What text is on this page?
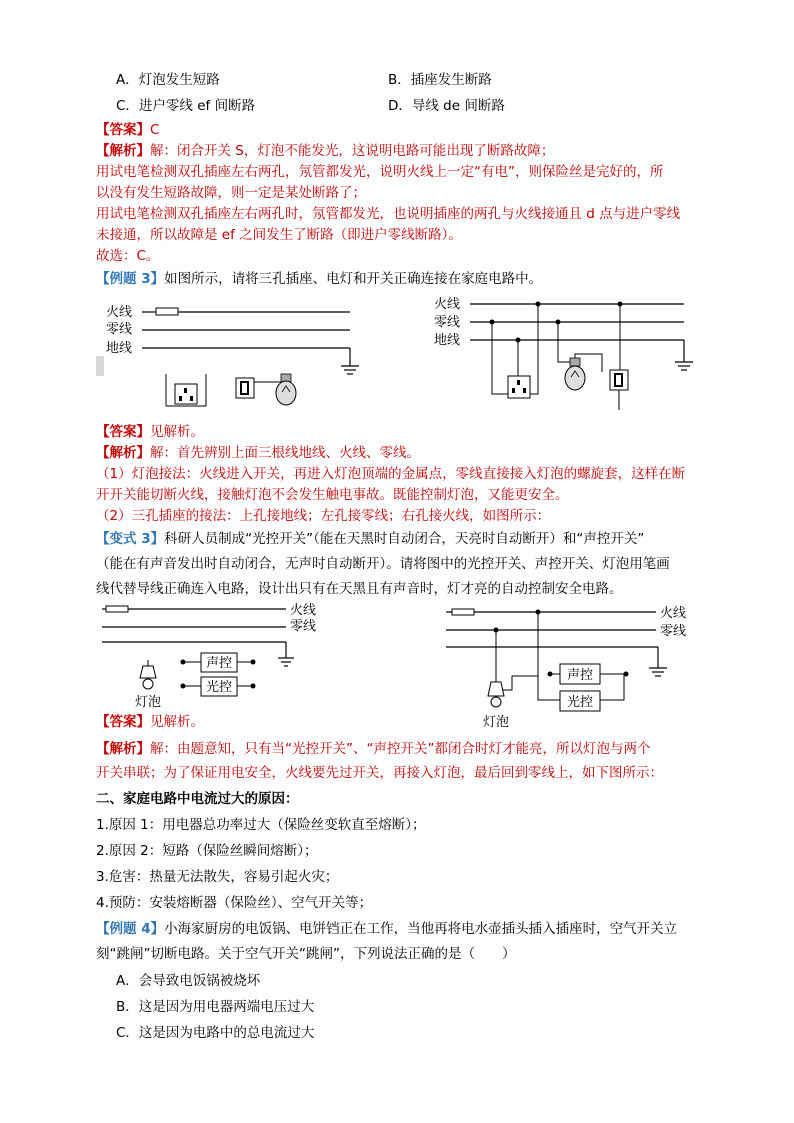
A．灯泡发生短路	B．插座发生断路
C．进户零线 ef 间断路	D．导线 de 间断路
【答案】C
【解析】解：闭合开关 S，灯泡不能发光，这说明电路可能出现了断路故障；
用试电笔检测双孔插座左右两孔，氖管都发光，说明火线上一定“有电”，则保险丝是完好的，所
以没有发生短路故障，则一定是某处断路了；
用试电笔检测双孔插座左右两孔时，氖管都发光，也说明插座的两孔与火线接通且 d 点与进户零线
未接通，所以故障是 ef 之间发生了断路（即进户零线断路）。
故选：C。
【例题 3】如图所示，请将三孔插座、电灯和开关正确连接在家庭电路中。
火线
零线
地线
火线
零线
地线
【答案】见解析。
【解析】解：首先辨别上面三根线地线、火线、零线。
（1）灯泡接法：火线进入开关，再进入灯泡顶端的金属点，零线直接接入灯泡的螺旋套，这样在断
开开关能切断火线，接触灯泡不会发生触电事故。既能控制灯泡，又能更安全。
（2）三孔插座的接法：上孔接地线；左孔接零线；右孔接火线，如图所示：
【变式 3】科研人员制成“光控开关”（能在天黑时自动闭合，天亮时自动断开）和“声控开关”
（能在有声音发出时自动闭合，无声时自动断开）。请将图中的光控开关、声控开关、灯泡用笔画
线代替导线正确连入电路，设计出只有在天黑且有声音时，灯才亮的自动控制安全电路。
火线
零线
声控
光控
灯泡
火线
零线
灯泡
光控
声控
【答案】见解析。
【解析】解：由题意知，只有当“光控开关”、“声控开关”都闭合时灯才能亮，所以灯泡与两个
开关串联；为了保证用电安全，火线要先过开关，再接入灯泡，最后回到零线上，如下图所示：
二、家庭电路中电流过大的原因：
1.原因 1：用电器总功率过大（保险丝变软直至熔断）；
2.原因 2：短路（保险丝瞬间熔断）；
3.危害：热量无法散失，容易引起火灾；
4.预防：安装熔断器（保险丝）、空气开关等；
【例题 4】小海家厨房的电饭锅、电饼铛正在工作，当他再将电水壶插头插入插座时，空气开关立
刻“跳闸”切断电路。关于空气开关“跳闸”，下列说法正确的是（　　）
A．会导致电饭锅被烧坏
B．这是因为用电器两端电压过大
C．这是因为电路中的总电流过大
